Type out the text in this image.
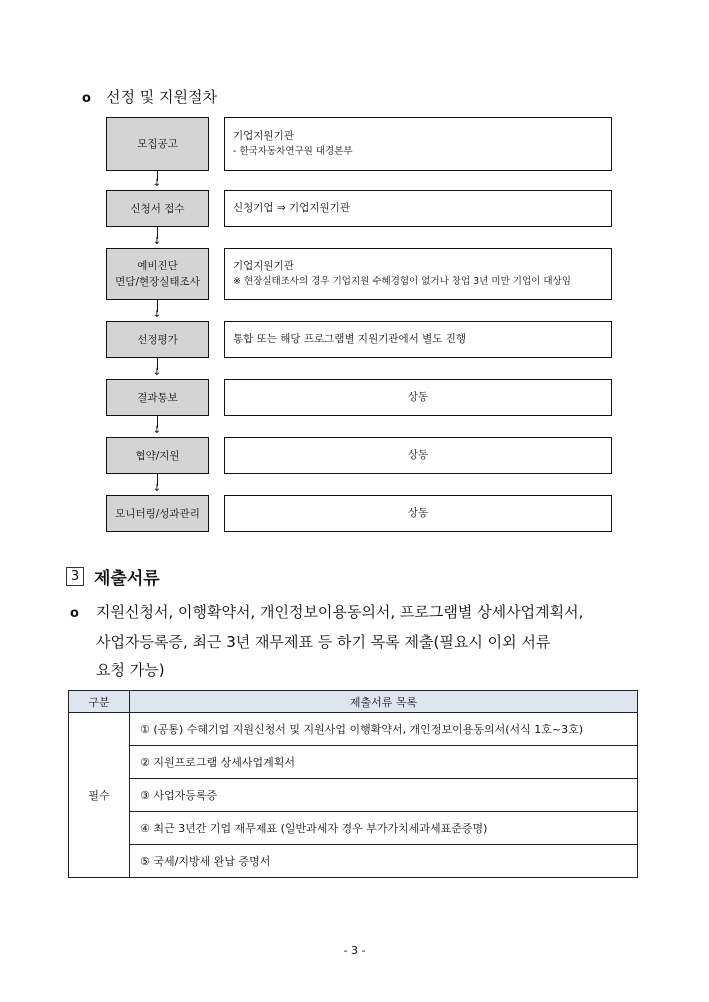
o 선정 및 지원절차
모집공고
기업지원기관
- 한국자동차연구원 대경본부
↓
신청서 접수	신청기업 ⇒ 기업지원기관
↓
예비진단
면담/현장실태조사
기업지원기관
※ 현장실태조사의 경우 기업지원 수혜경험이 없거나 창업 3년 미만 기업이 대상임
↓
선정평가	통합 또는 해당 프로그램별 지원기관에서 별도 진행
↓
결과통보	상동
↓
협약/지원	상동
↓
모니터링/성과관리	상동
3 제출서류
o 지원신청서, 이행확약서, 개인정보이용동의서, 프로그램별 상세사업계획서,
사업자등록증, 최근 3년 재무제표 등 하기 목록 제출(필요시 이외 서류
요청 가능)
구분	제출서류 목록
필수	① (공통) 수혜기업 지원신청서 및 지원사업 이행확약서, 개인정보이용동의서(서식 1호~3호)
	② 지원프로그램 상세사업계획서
	③ 사업자등록증
	④ 최근 3년간 기업 재무제표 (일반과세자 경우 부가가치세과세표준증명)
	⑤ 국세/지방세 완납 증명서
- 3 -
